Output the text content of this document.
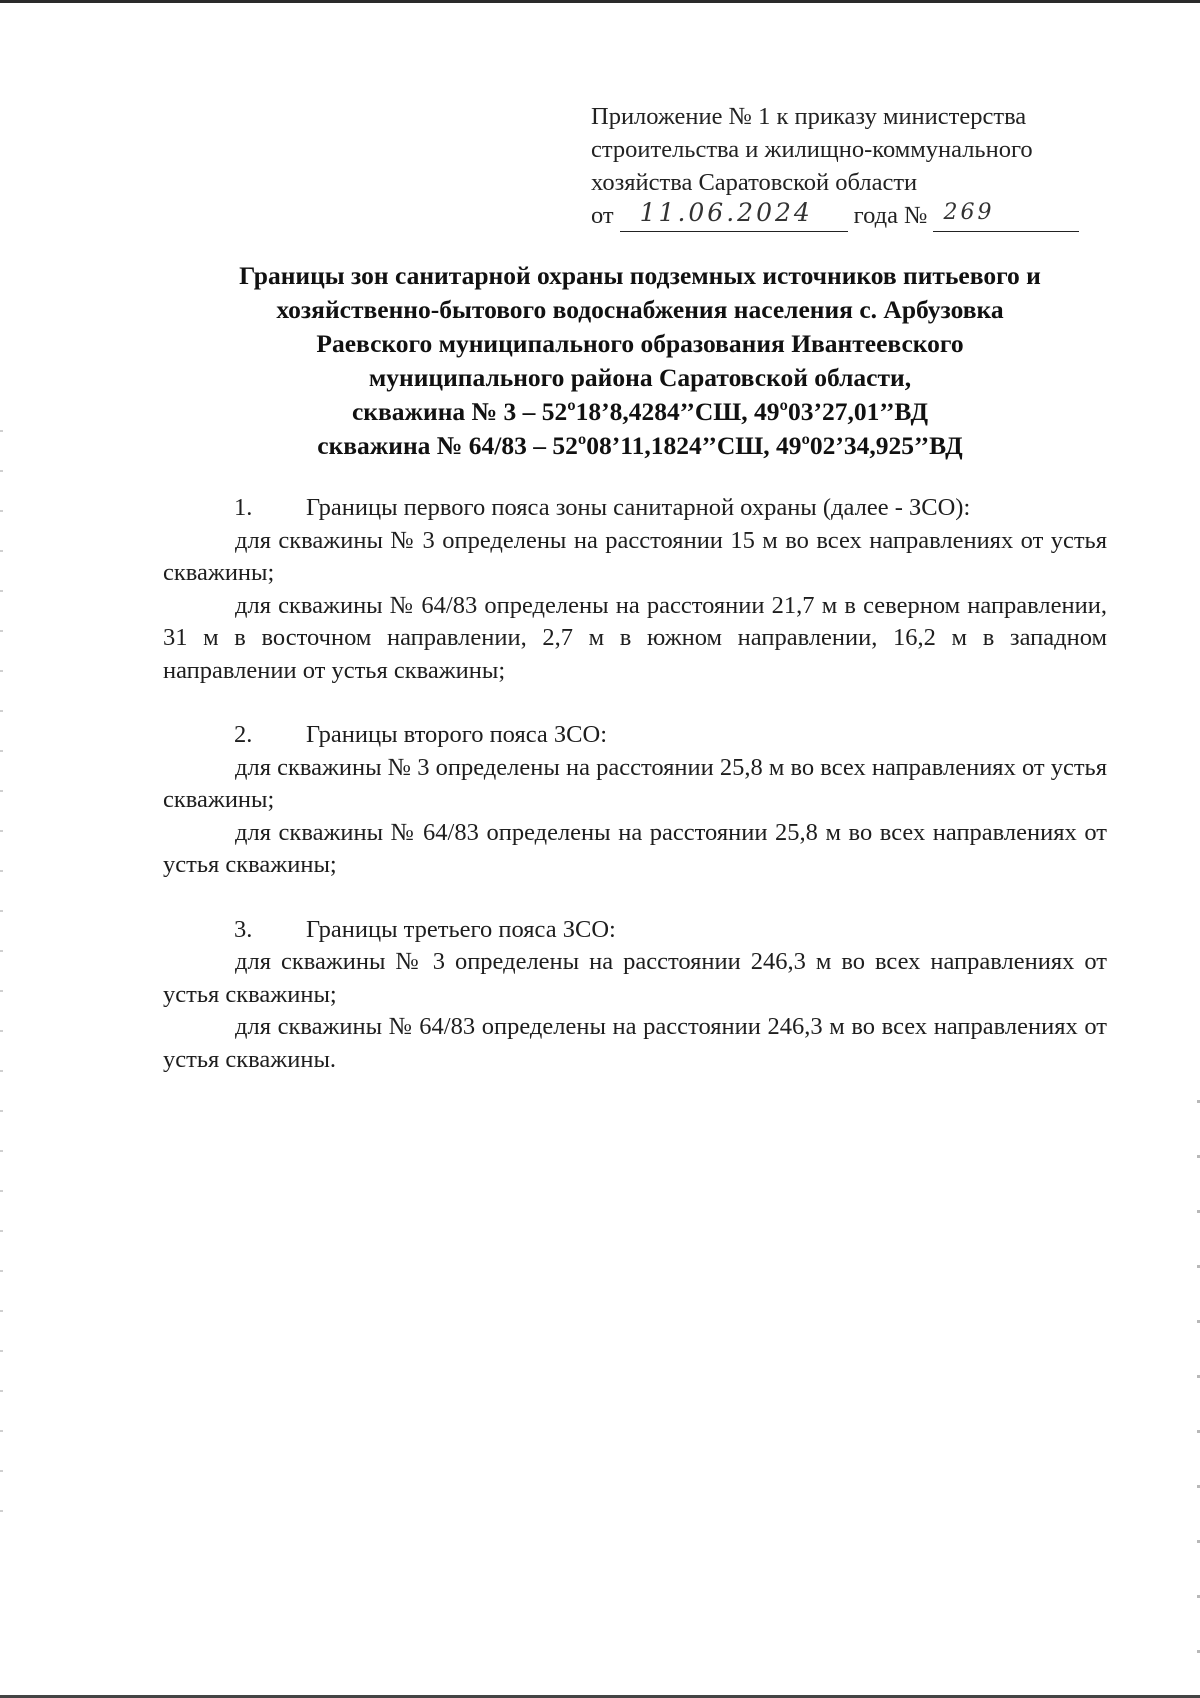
Приложение № 1 к приказу министерства
строительства и жилищно-коммунального
хозяйства Саратовской области
от 11.06.2024 года № 269
Границы зон санитарной охраны подземных источников питьевого и
хозяйственно-бытового водоснабжения населения с. Арбузовка
Раевского муниципального образования Ивантеевского
муниципального района Саратовской области,
скважина № 3 – 52º18’8,4284’’СШ, 49º03’27,01’’ВД
скважина № 64/83 – 52º08’11,1824’’СШ, 49º02’34,925’’ВД
1.	Границы первого пояса зоны санитарной охраны (далее - ЗСО):

для скважины № 3 определены на расстоянии 15 м во всех направлениях от устья скважины;

для скважины № 64/83 определены на расстоянии 21,7 м в северном направлении, 31 м в восточном направлении, 2,7 м в южном направлении, 16,2 м в западном направлении от устья скважины;

2.	Границы второго пояса ЗСО:

для скважины № 3 определены на расстоянии 25,8 м во всех направлениях от устья скважины;

для скважины № 64/83 определены на расстоянии 25,8 м во всех направлениях от устья скважины;

3.	Границы третьего пояса ЗСО:

для скважины № 3 определены на расстоянии 246,3 м во всех направлениях от устья скважины;

для скважины № 64/83 определены на расстоянии 246,3 м во всех направлениях от устья скважины.
